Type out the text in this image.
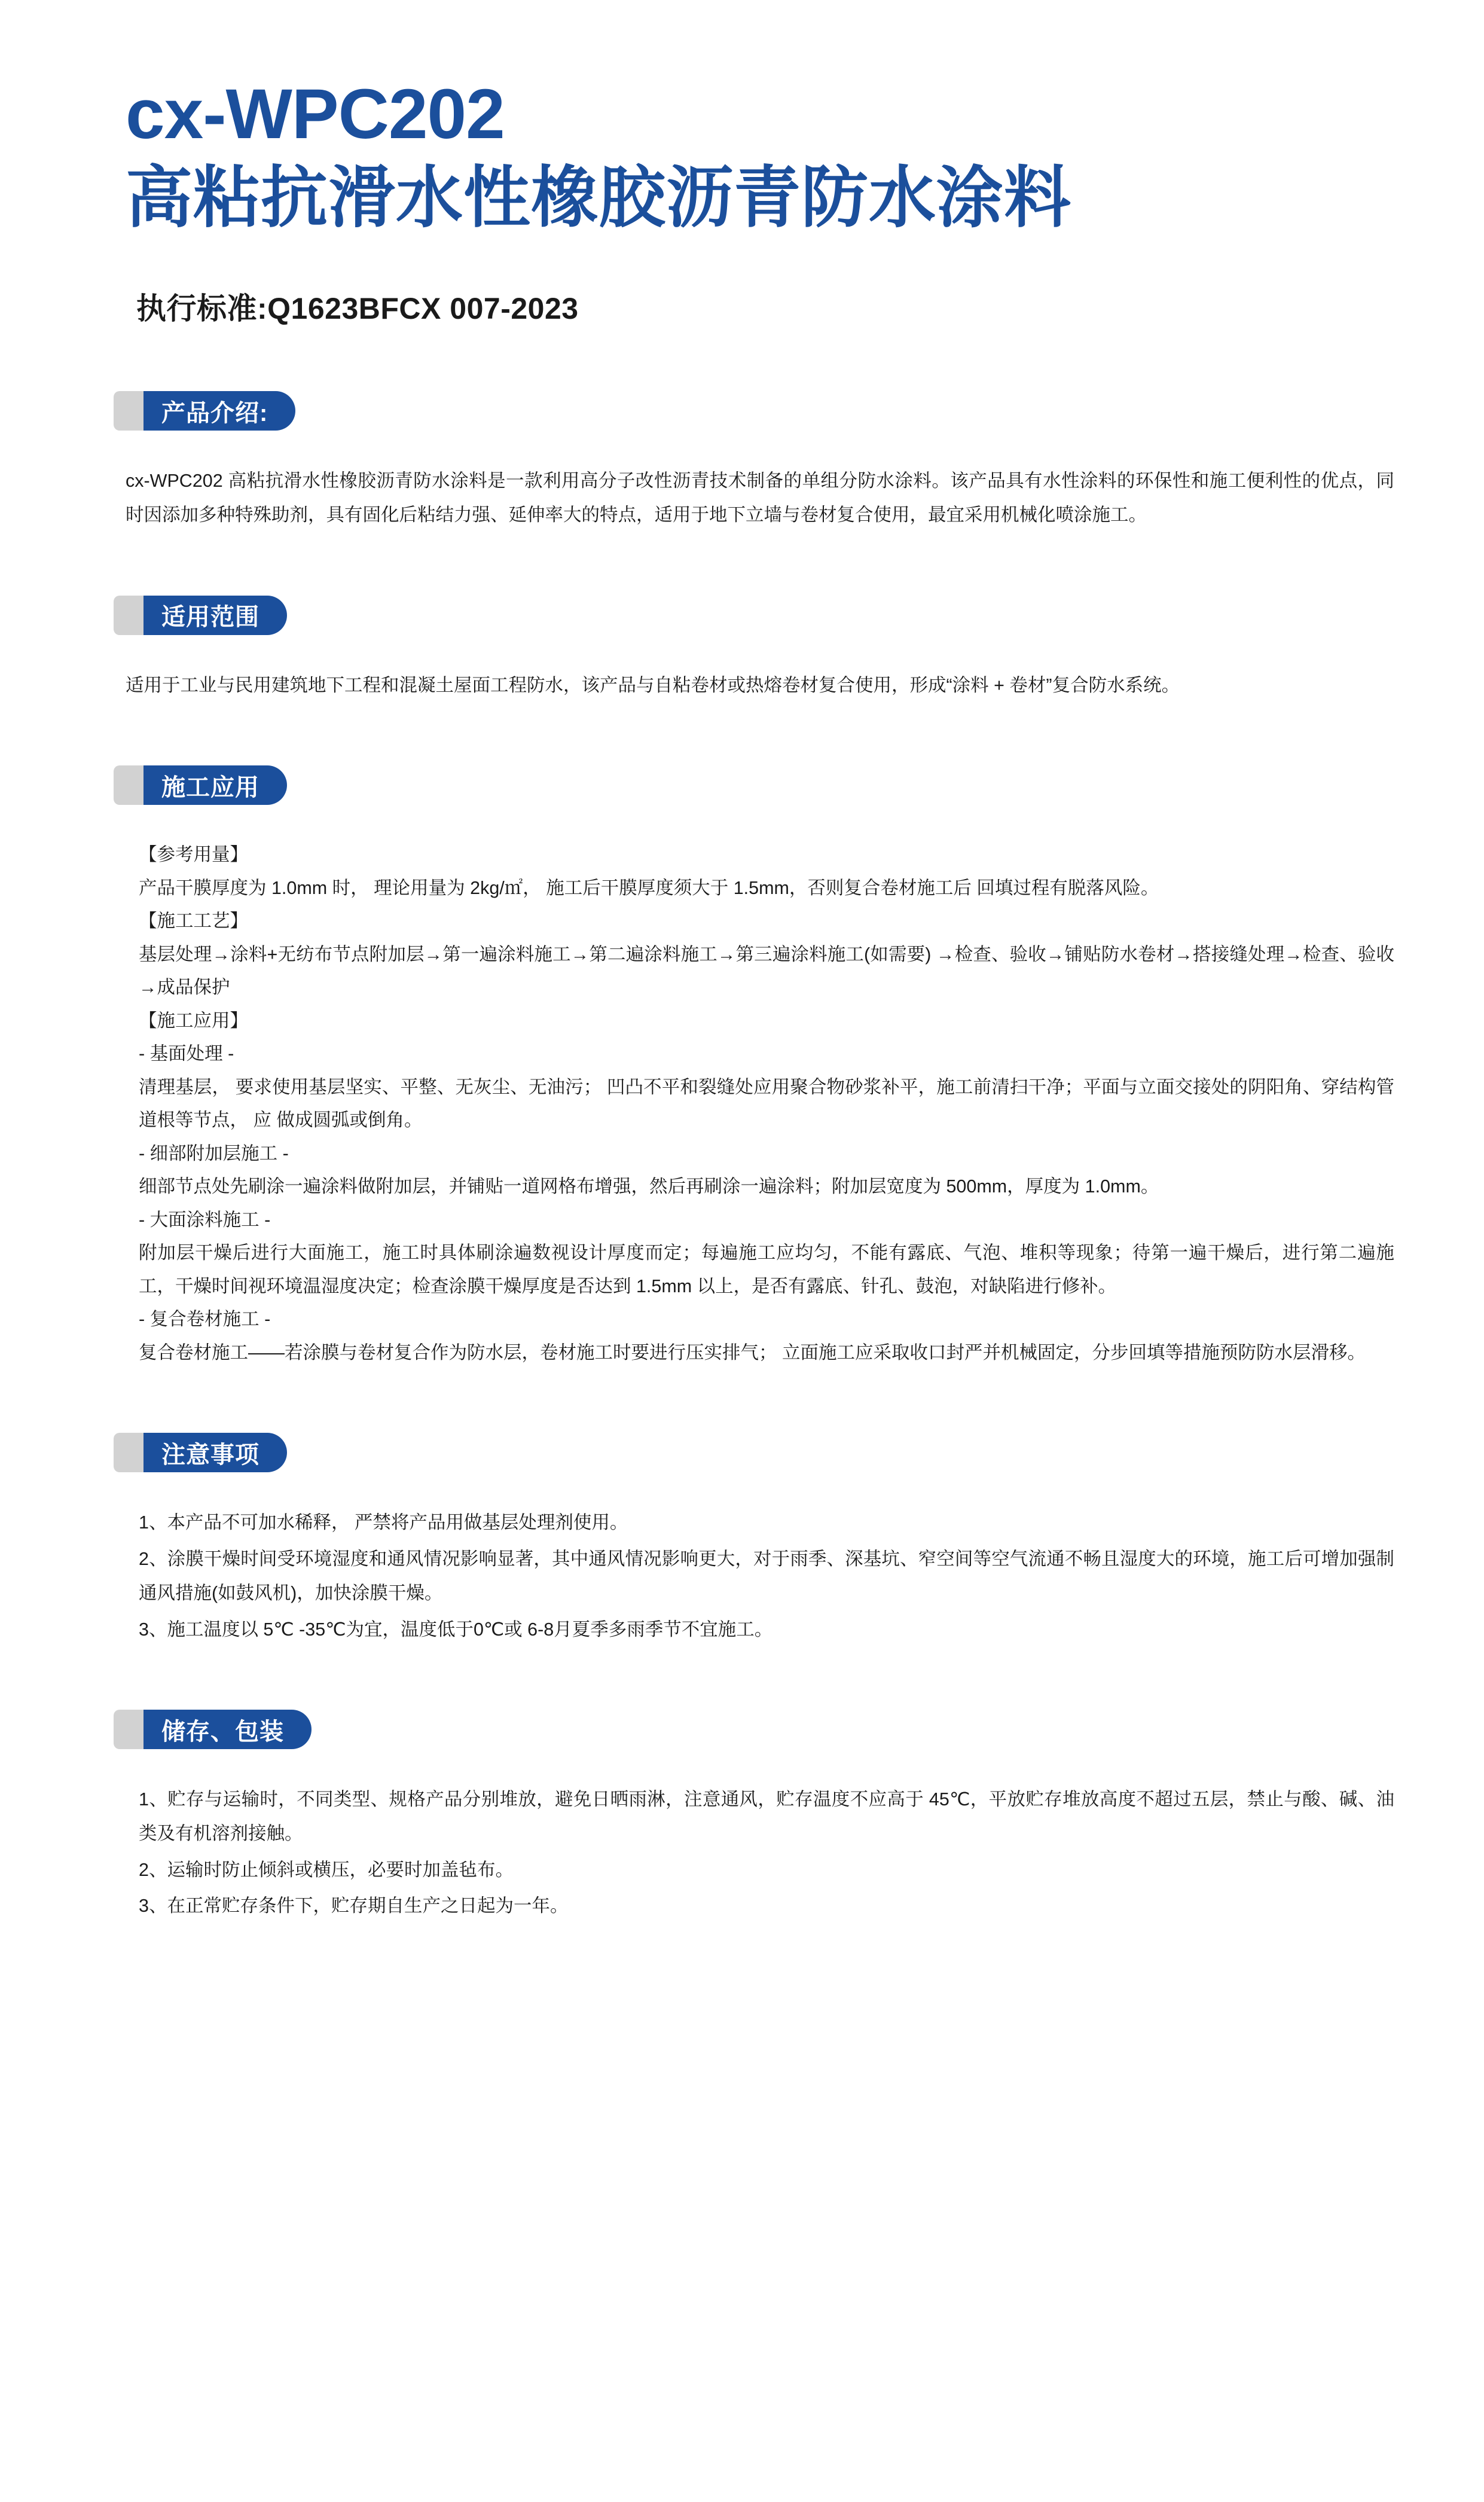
cx-WPC202
高粘抗滑水性橡胶沥青防水涂料
执行标准:Q1623BFCX 007-2023
产品介绍:

cx-WPC202 高粘抗滑水性橡胶沥青防水涂料是一款利用高分子改性沥青技术制备的单组分防水涂料。该产品具有水性涂料的环保性和施工便利性的优点，同时因添加多种特殊助剂，具有固化后粘结力强、延伸率大的特点，适用于地下立墙与卷材复合使用，最宜采用机械化喷涂施工。

适用范围

适用于工业与民用建筑地下工程和混凝土屋面工程防水，该产品与自粘卷材或热熔卷材复合使用，形成“涂料 + 卷材”复合防水系统。

施工应用

【参考用量】

产品干膜厚度为 1.0mm 时， 理论用量为 2kg/㎡， 施工后干膜厚度须大于 1.5mm，否则复合卷材施工后 回填过程有脱落风险。

【施工工艺】

基层处理→涂料+无纺布节点附加层→第一遍涂料施工→第二遍涂料施工→第三遍涂料施工(如需要) →检查、验收→铺贴防水卷材→搭接缝处理→检查、验收→成品保护

【施工应用】

- 基面处理 -

清理基层， 要求使用基层坚实、平整、无灰尘、无油污； 凹凸不平和裂缝处应用聚合物砂浆补平，施工前清扫干净；平面与立面交接处的阴阳角、穿结构管道根等节点， 应 做成圆弧或倒角。

- 细部附加层施工 -

细部节点处先刷涂一遍涂料做附加层，并铺贴一道网格布增强，然后再刷涂一遍涂料；附加层宽度为 500mm，厚度为 1.0mm。

- 大面涂料施工 -

附加层干燥后进行大面施工，施工时具体刷涂遍数视设计厚度而定；每遍施工应均匀，不能有露底、气泡、堆积等现象；待第一遍干燥后，进行第二遍施工，干燥时间视环境温湿度决定；检查涂膜干燥厚度是否达到 1.5mm 以上，是否有露底、针孔、鼓泡，对缺陷进行修补。

- 复合卷材施工 -

复合卷材施工——若涂膜与卷材复合作为防水层，卷材施工时要进行压实排气； 立面施工应采取收口封严并机械固定，分步回填等措施预防防水层滑移。

注意事项

1、本产品不可加水稀释， 严禁将产品用做基层处理剂使用。

2、涂膜干燥时间受环境湿度和通风情况影响显著，其中通风情况影响更大，对于雨季、深基坑、窄空间等空气流通不畅且湿度大的环境，施工后可增加强制通风措施(如鼓风机)，加快涂膜干燥。

3、施工温度以 5℃ -35℃为宜，温度低于0℃或 6-8月夏季多雨季节不宜施工。

储存、包装

1、贮存与运输时，不同类型、规格产品分别堆放，避免日晒雨淋，注意通风，贮存温度不应高于 45℃，平放贮存堆放高度不超过五层，禁止与酸、碱、油类及有机溶剂接触。

2、运输时防止倾斜或横压，必要时加盖毡布。

3、在正常贮存条件下，贮存期自生产之日起为一年。
